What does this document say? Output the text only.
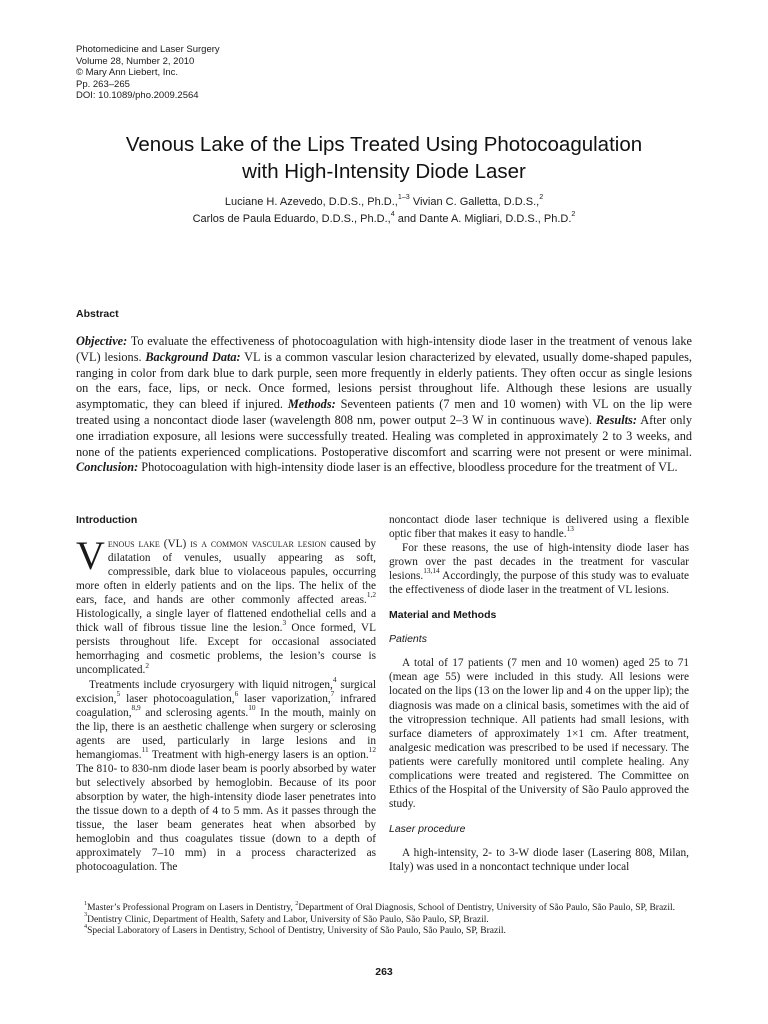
Photomedicine and Laser Surgery
Volume 28, Number 2, 2010
© Mary Ann Liebert, Inc.
Pp. 263–265
DOI: 10.1089/pho.2009.2564
Venous Lake of the Lips Treated Using Photocoagulation
with High-Intensity Diode Laser
Luciane H. Azevedo, D.D.S., Ph.D.,$^{1-3}$ Vivian C. Galletta, D.D.S.,$^2$
Carlos de Paula Eduardo, D.D.S., Ph.D.,$^4$ and Dante A. Migliari, D.D.S., Ph.D.$^2$
Abstract
Objective: To evaluate the effectiveness of photocoagulation with high-intensity diode laser in the treatment of venous lake (VL) lesions. Background Data: VL is a common vascular lesion characterized by elevated, usually dome-shaped papules, ranging in color from dark blue to dark purple, seen more frequently in elderly patients. They often occur as single lesions on the ears, face, lips, or neck. Once formed, lesions persist throughout life. Although these lesions are usually asymptomatic, they can bleed if injured. Methods: Seventeen patients (7 men and 10 women) with VL on the lip were treated using a noncontact diode laser (wavelength 808 nm, power output 2–3 W in continuous wave). Results: After only one irradiation exposure, all lesions were successfully treated. Healing was completed in approximately 2 to 3 weeks, and none of the patients experienced complications. Postoperative discomfort and scarring were not present or were minimal. Conclusion: Photocoagulation with high-intensity diode laser is an effective, bloodless procedure for the treatment of VL.
Introduction

Venous lake (VL) is a common vascular lesion caused by dilatation of venules, usually appearing as soft, compressible, dark blue to violaceous papules, occurring more often in elderly patients and on the lips. The helix of the ears, face, and hands are other commonly affected areas.$^{1,2}$ Histologically, a single layer of flattened endothelial cells and a thick wall of fibrous tissue line the lesion.$^3$ Once formed, VL persists throughout life. Except for occasional associated hemorrhaging and cosmetic problems, the lesion’s course is uncomplicated.$^2$

Treatments include cryosurgery with liquid nitrogen,$^4$ surgical excision,$^5$ laser photocoagulation,$^6$ laser vaporization,$^7$ infrared coagulation,$^{8,9}$ and sclerosing agents.$^{10}$ In the mouth, mainly on the lip, there is an aesthetic challenge when surgery or sclerosing agents are used, particularly in large lesions and in hemangiomas.$^{11}$ Treatment with high-energy lasers is an option.$^{12}$ The 810- to 830-nm diode laser beam is poorly absorbed by water but selectively absorbed by hemoglobin. Because of its poor absorption by water, the high-intensity diode laser penetrates into the tissue down to a depth of 4 to 5 mm. As it passes through the tissue, the laser beam generates heat when absorbed by hemoglobin and thus coagulates tissue (down to a depth of approximately 7–10 mm) in a process characterized as photocoagulation. The

noncontact diode laser technique is delivered using a flexible optic fiber that makes it easy to handle.$^{13}$

For these reasons, the use of high-intensity diode laser has grown over the past decades in the treatment for vascular lesions.$^{13,14}$ Accordingly, the purpose of this study was to evaluate the effectiveness of diode laser in the treatment of VL lesions.

Material and Methods
Patients

A total of 17 patients (7 men and 10 women) aged 25 to 71 (mean age 55) were included in this study. All lesions were located on the lips (13 on the lower lip and 4 on the upper lip); the diagnosis was made on a clinical basis, sometimes with the aid of the vitropression technique. All patients had small lesions, with surface diameters of approximately 1×1 cm. After treatment, analgesic medication was prescribed to be used if necessary. The patients were carefully monitored until complete healing. Any complications were treated and registered. The Committee on Ethics of the Hospital of the University of São Paulo approved the study.

Laser procedure

A high-intensity, 2- to 3-W diode laser (Lasering 808, Milan, Italy) was used in a noncontact technique under local

$^1$Master’s Professional Program on Lasers in Dentistry, $^2$Department of Oral Diagnosis, School of Dentistry, University of São Paulo, São Paulo, SP, Brazil.
$^3$Dentistry Clinic, Department of Health, Safety and Labor, University of São Paulo, São Paulo, SP, Brazil.
$^4$Special Laboratory of Lasers in Dentistry, School of Dentistry, University of São Paulo, São Paulo, SP, Brazil.
263
